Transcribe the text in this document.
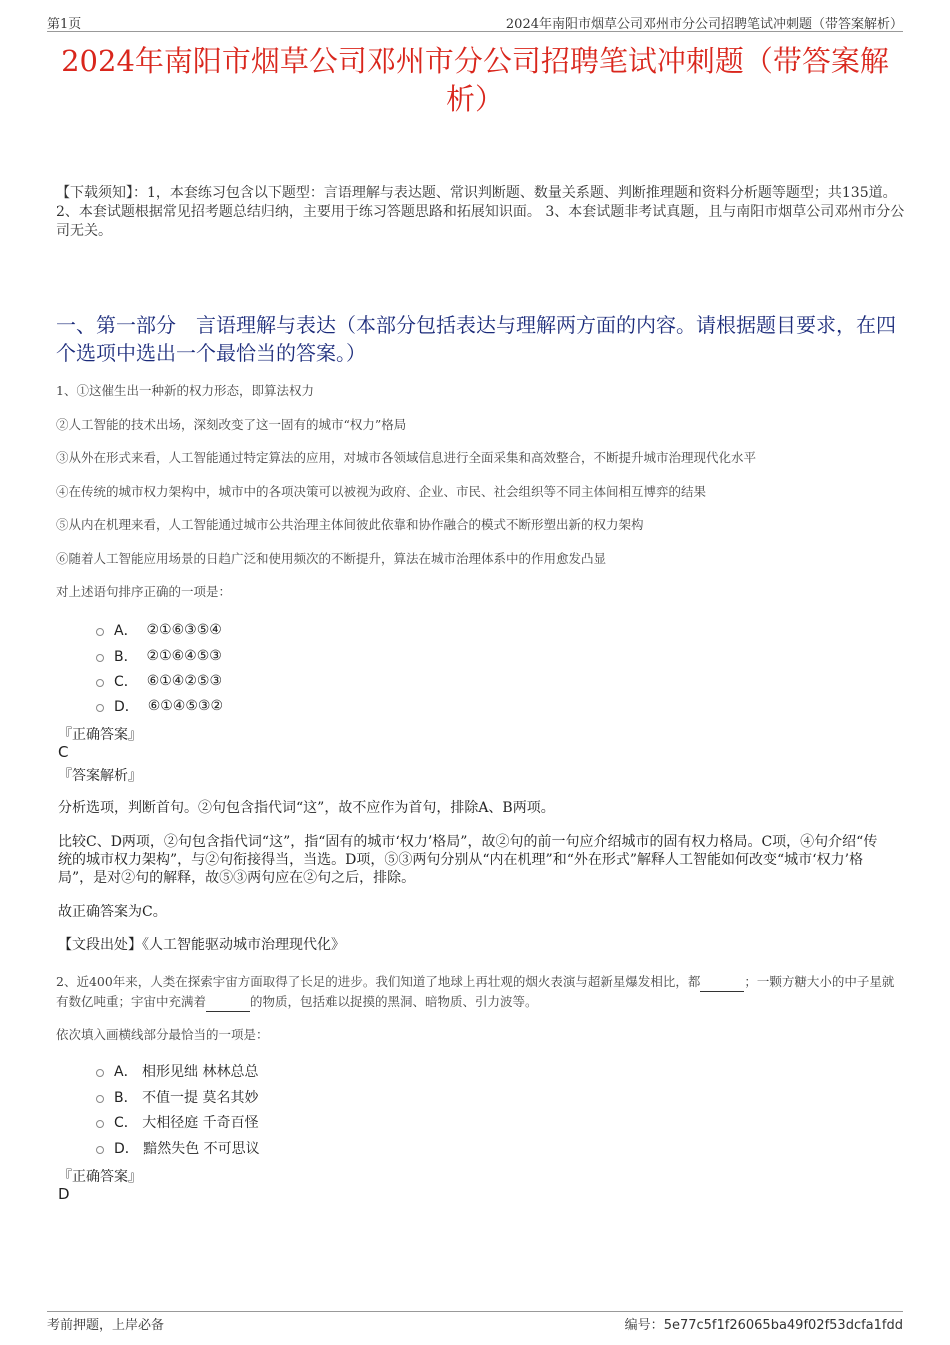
第1页	2024年南阳市烟草公司邓州市分公司招聘笔试冲刺题（带答案解析）
2024年南阳市烟草公司邓州市分公司招聘笔试冲刺题（带答案解析）
【下载须知】：1，本套练习包含以下题型：言语理解与表达题、常识判断题、数量关系题、判断推理题和资料分析题等题型；共135道。 2、本套试题根据常见招考题总结归纳，主要用于练习答题思路和拓展知识面。 3、本套试题非考试真题，且与南阳市烟草公司邓州市分公司无关。
一、第一部分　言语理解与表达（本部分包括表达与理解两方面的内容。请根据题目要求，在四个选项中选出一个最恰当的答案。）
1、①这催生出一种新的权力形态，即算法权力
②人工智能的技术出场，深刻改变了这一固有的城市“权力”格局
③从外在形式来看，人工智能通过特定算法的应用，对城市各领域信息进行全面采集和高效整合，不断提升城市治理现代化水平
④在传统的城市权力架构中，城市中的各项决策可以被视为政府、企业、市民、社会组织等不同主体间相互博弈的结果
⑤从内在机理来看，人工智能通过城市公共治理主体间彼此依靠和协作融合的模式不断形塑出新的权力架构
⑥随着人工智能应用场景的日趋广泛和使用频次的不断提升，算法在城市治理体系中的作用愈发凸显
对上述语句排序正确的一项是：
A．
②①⑥③⑤④
B．
②①⑥④⑤③
C．
⑥①④②⑤③
D．
⑥①④⑤③②
『正确答案』
C
『答案解析』
分析选项，判断首句。②句包含指代词“这”，故不应作为首句，排除A、B两项。
比较C、D两项，②句包含指代词“这”，指“固有的城市‘权力’格局”，故②句的前一句应介绍城市的固有权力格局。C项，④句介绍“传统的城市权力架构”，与②句衔接得当，当选。D项，⑤③两句分别从“内在机理”和“外在形式”解释人工智能如何改变“城市‘权力’格局”，是对②句的解释，故⑤③两句应在②句之后，排除。
故正确答案为C。
【文段出处】《人工智能驱动城市治理现代化》
2、近400年来，人类在探索宇宙方面取得了长足的进步。我们知道了地球上再壮观的烟火表演与超新星爆发相比，都	；一颗方糖大小的中子星就有数亿吨重；宇宙中充满着	的物质，包括难以捉摸的黑洞、暗物质、引力波等。
依次填入画横线部分最恰当的一项是：
A．
相形见绌 林林总总
B．
不值一提 莫名其妙
C．
大相径庭 千奇百怪
D．
黯然失色 不可思议
『正确答案』
D
考前押题，上岸必备	编号：5e77c5f1f26065ba49f02f53dcfa1fdd
